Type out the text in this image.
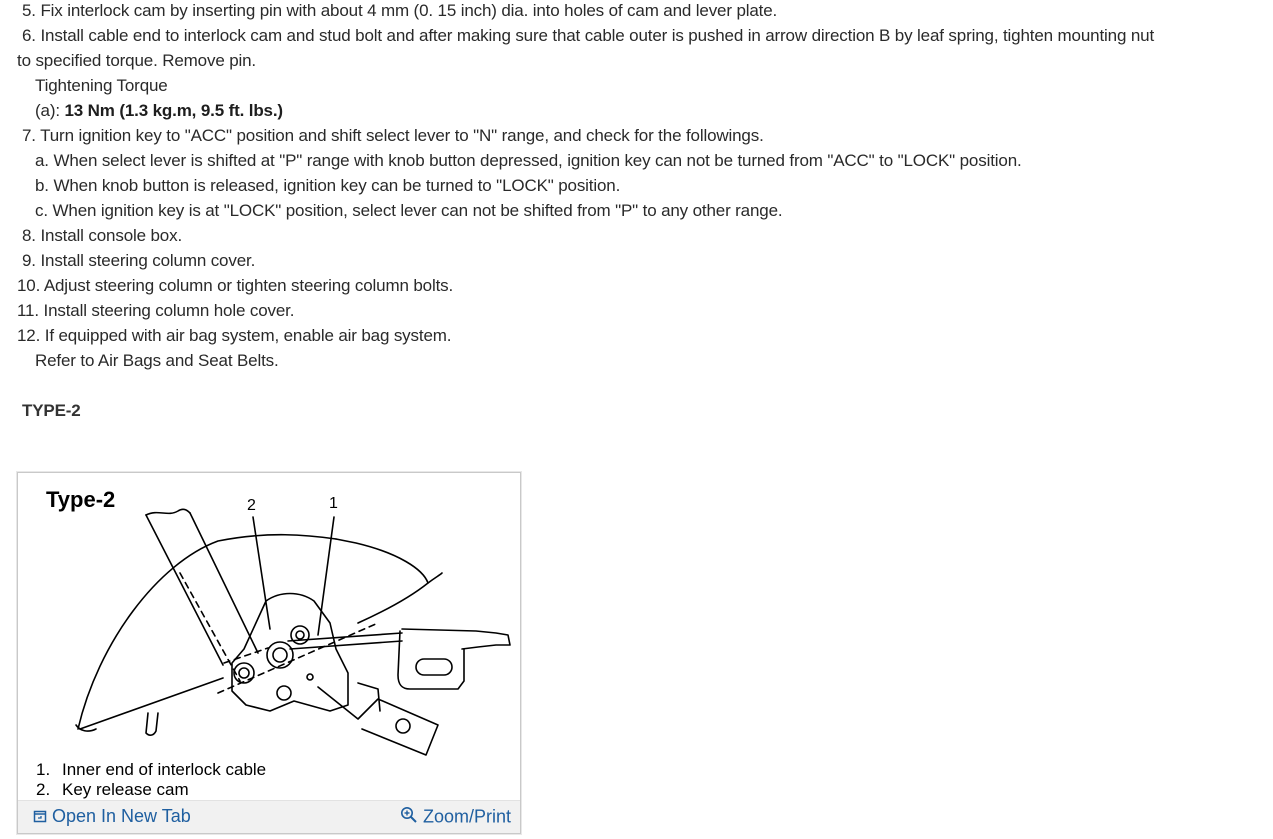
5. Fix interlock cam by inserting pin with about 4 mm (0. 15 inch) dia. into holes of cam and lever plate.
6. Install cable end to interlock cam and stud bolt and after making sure that cable outer is pushed in arrow direction B by leaf spring, tighten mounting nut
to specified torque. Remove pin.
Tightening Torque
(a): 13 Nm (1.3 kg.m, 9.5 ft. lbs.)
7. Turn ignition key to "ACC" position and shift select lever to "N" range, and check for the followings.
a. When select lever is shifted at "P" range with knob button depressed, ignition key can not be turned from "ACC" to "LOCK" position.
b. When knob button is released, ignition key can be turned to "LOCK" position.
c. When ignition key is at "LOCK" position, select lever can not be shifted from "P" to any other range.
8. Install console box.
9. Install steering column cover.
10. Adjust steering column or tighten steering column bolts.
11. Install steering column hole cover.
12. If equipped with air bag system, enable air bag system.
Refer to Air Bags and Seat Belts.
TYPE-2
Type-2	2	1
1. Inner end of interlock cable
2. Key release cam
Open In New Tab	Zoom/Print
